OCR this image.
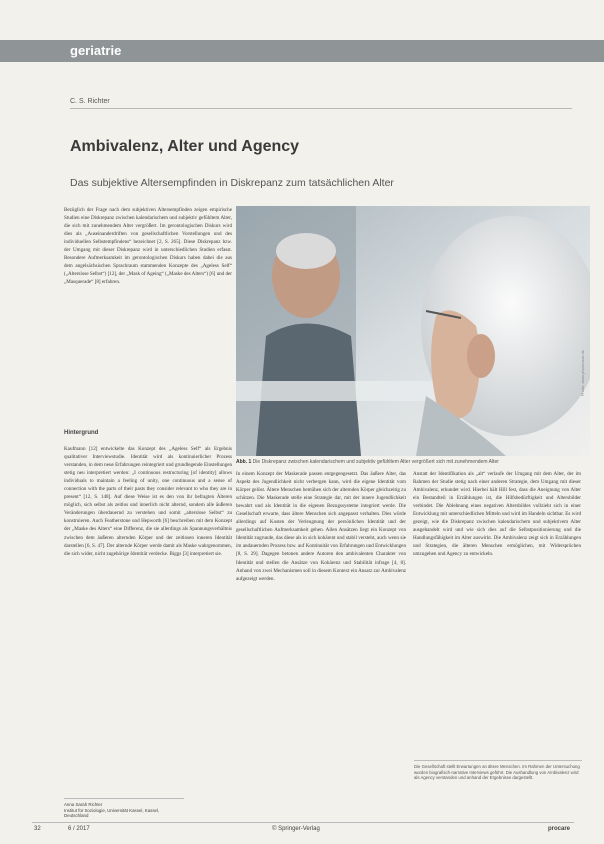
geriatrie
C. S. Richter
Ambivalenz, Alter und Agency
Das subjektive Altersempfinden in Diskrepanz zum tatsächlichen Alter
Bezüglich der Frage nach dem subjektiven Altersempfinden zeigen empirische Studien eine Diskrepanz zwischen kalendarischem und subjektiv gefühltem Alter, die sich mit zunehmendem Alter vergrößert. Im gerontologischen Diskurs wird dies als „Auseinanderdriften von gesellschaftlichen Vorstellungen und des individuellen Selbstempfindens“ bezeichnet [2, S. 265]. Diese Diskrepanz bzw. der Umgang mit dieser Diskrepanz wird in unterschiedlichen Studien erfasst. Besondere Aufmerksamkeit im gerontologischen Diskurs haben dabei die aus dem angelsächsischen Sprachraum stammenden Konzepte des „Ageless Self“ („Alterslose Selbst“) [12], der „Mask of Ageing“ („Maske des Alters“) [6] und der „Masquerade“ [8] erfahren.
Hintergrund
Kaufmann [12] entwickelte das Konzept des „Ageless Self“ als Ergebnis qualitativer Interviewstudie. Identität wird als kontinuierlicher Prozess verstanden, in dem neue Erfahrungen reintegriert und grundlegende Einstellungen stetig neu interpretiert werden: „I continuous restructuring [of identity] allows individuals to maintain a feeling of unity, one continuous and a sense of connection with the parts of their pasts they consider relevant to who they are in present“ [12, S. 148]. Auf diese Weise ist es den von ihr befragten Älteren möglich, sich selbst als zeitlos und innerlich nicht alternd, sondern alle äußeren Veränderungen überdauernd zu verstehen und somit „alterslose Selbst“ zu konstruieren. Auch Featherstone und Hepworth [6] beschreiben mit dem Konzept der „Maske des Alters“ eine Differenz, die sie allerdings als Spannungsverhältnis zwischen dem äußeren alternden Körper und der zeitlosen inneren Identität darstellen [6, S. 47]. Der alternde Körper werde damit als Maske wahrgenommen, die sich wider, nicht zugehörige Identität verdecke. Biggs [3] interpretiert sie.
Photo: www.photocase.de
Abb. 1 Die Diskrepanz zwischen kalendarischem und subjektiv gefühltem Alter vergrößert sich mit zunehmendem Alter
In einem Konzept der Maskerade passen entgegengesetzt. Das äußere Alter, das Aspekt des Jugendlichkeit nicht verbergen kann, wird die eigene Identität vom Körper gelöst. Ältere Menschen bemühen sich der alternden Körper gleichzeitig zu schützen. Die Maskerade stelle eine Strategie dar, mit der innere Jugendlichkeit bewahrt und als Identität in die eigenen Bezugssysteme integriert werde. Die Gesellschaft erwarte, dass ältere Menschen sich angepasst verhalten. Dies würde allerdings auf Kosten der Verleugnung der persönlichen Identität und der gesellschaftlichen Aufmerksamkeit gehen. Allen Ansätzen liegt ein Konzept von Identität zugrunde, das diese als in sich kohärent und stabil versteht, auch wenn sie im andauernden Prozess bzw. auf Kontinuität von Erfahrungen und Entwicklungen [8, S. 29]. Dagegen betonen andere Autoren den ambivalenten Charakter von Identität und stellen die Ansätze von Kohärenz und Stabilität infrage [4, 8]. Anhand von zwei Mechanismen soll in diesem Kontext ein Ansatz zur Ambivalenz aufgezeigt werden.
Anstatt der Identifikation als „alt“ verlaufe der Umgang mit dem Alter, der im Rahmen der Studie stetig nach einer anderen Strategie, dem Umgang mit dieser Ambivalenz, erkundet wird. Hierbei hält Hill fest, dass die Aneignung von Alter ein Bestandteil in Erzählungen ist, die Hilfsbedürftigkeit und Altersbilder verbindet. Die Ablehnung eines negativen Altersbildes vollzieht sich in einer Entwicklung mit unterschiedlichen Mitteln und wird im Handeln sichtbar. Es wird gezeigt, wie die Diskrepanz zwischen kalendarischem und subjektivem Alter ausgehandelt wird und wie sich dies auf die Selbstpositionierung und die Handlungsfähigkeit im Alter auswirkt. Die Ambivalenz zeigt sich in Erzählungen und Strategien, die älteren Menschen ermöglichen, mit Widersprüchen umzugehen und Agency zu entwickeln.
Die Gesellschaft stellt Erwartungen an ältere Menschen. Im Rahmen der Untersuchung wurden biografisch-narrative Interviews geführt. Die Aushandlung von Ambivalenz wird als Agency verstanden und anhand der Ergebnisse dargestellt.
Anna Sarah Richter
Institut für Soziologie, Universität Kassel, Kassel, Deutschland
32	6 / 2017	© Springer-Verlag	procare
